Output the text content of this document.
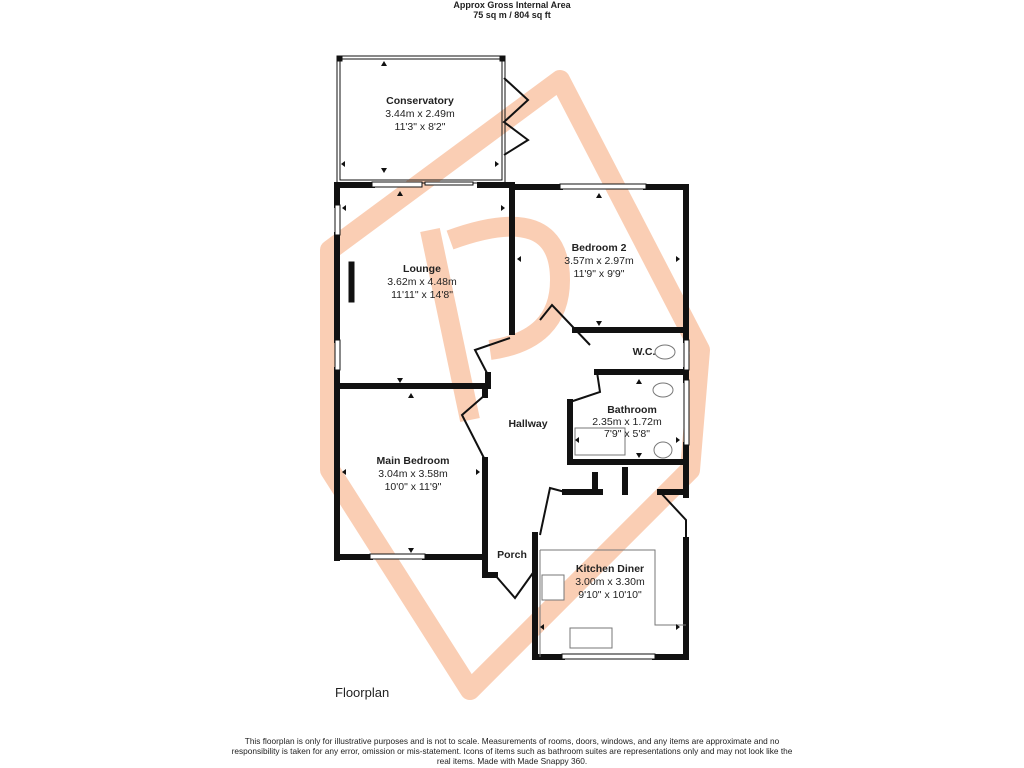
Approx Gross Internal Area
75 sq m / 804 sq ft
Conservatory
3.44m x 2.49m
11'3" x 8'2"
Lounge
3.62m x 4.48m
11'11" x 14'8"
Bedroom 2
3.57m x 2.97m
11'9" x 9'9"
W.C.
Bathroom
2.35m x 1.72m
7'9" x 5'8"
Hallway
Main Bedroom
3.04m x 3.58m
10'0" x 11'9"
Porch
Kitchen Diner
3.00m x 3.30m
9'10" x 10'10"
Floorplan
This floorplan is only for illustrative purposes and is not to scale. Measurements of rooms, doors, windows, and any items are approximate and no responsibility is taken for any error, omission or mis-statement. Icons of items such as bathroom suites are representations only and may not look like the real items. Made with Made Snappy 360.
